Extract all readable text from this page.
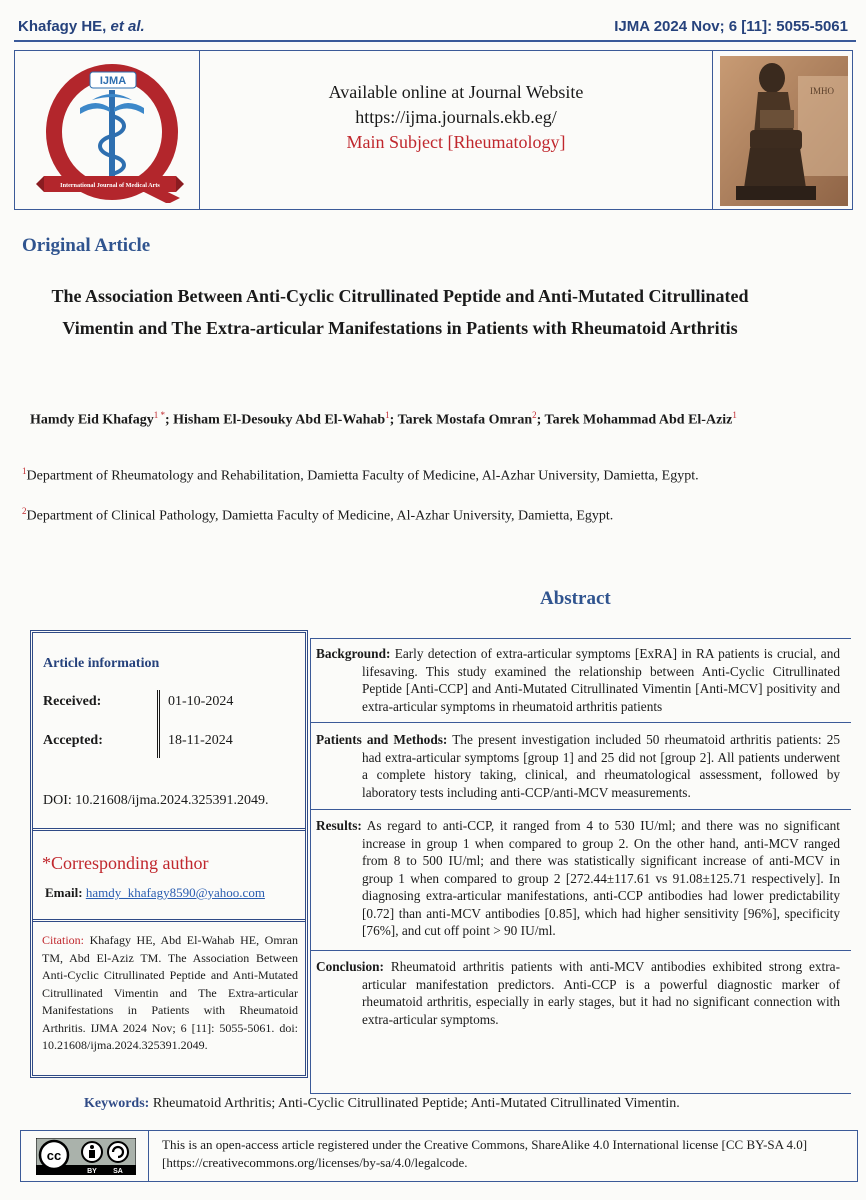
Khafagy HE, et al.	IJMA 2024 Nov; 6 [11]: 5055-5061
IJMA
International Journal of Medical Arts
Available online at Journal Website
https://ijma.journals.ekb.eg/
Main Subject [Rheumatology]
IMHO
Original Article
The Association Between Anti-Cyclic Citrullinated Peptide and Anti-Mutated Citrullinated
Vimentin and The Extra-articular Manifestations in Patients with Rheumatoid Arthritis
Hamdy Eid Khafagy$^{1 *}$; Hisham El-Desouky Abd El-Wahab$^1$; Tarek Mostafa Omran$^2$; Tarek Mohammad Abd El-Aziz$^1$
$^1$Department of Rheumatology and Rehabilitation, Damietta Faculty of Medicine, Al-Azhar University, Damietta, Egypt.
$^2$Department of Clinical Pathology, Damietta Faculty of Medicine, Al-Azhar University, Damietta, Egypt.
Abstract
Article information
Received:	01-10-2024
Accepted:	18-11-2024
DOI: 10.21608/ijma.2024.325391.2049.
*Corresponding author
Email: hamdy_khafagy8590@yahoo.com
Citation: Khafagy HE, Abd El-Wahab HE, Omran TM, Abd El-Aziz TM. The Association Between Anti-Cyclic Citrullinated Peptide and Anti-Mutated Citrullinated Vimentin and The Extra-articular Manifestations in Patients with Rheumatoid Arthritis. IJMA 2024 Nov; 6 [11]: 5055-5061. doi: 10.21608/ijma.2024.325391.2049.
Background: Early detection of extra-articular symptoms [ExRA] in RA patients is crucial, and lifesaving. This study examined the relationship between Anti-Cyclic Citrullinated Peptide [Anti-CCP] and Anti-Mutated Citrullinated Vimentin [Anti-MCV] positivity and extra-articular symptoms in rheumatoid arthritis patients
Patients and Methods: The present investigation included 50 rheumatoid arthritis patients: 25 had extra-articular symptoms [group 1] and 25 did not [group 2]. All patients underwent a complete history taking, clinical, and rheumatological assessment, followed by laboratory tests including anti-CCP/anti-MCV measurements.
Results: As regard to anti-CCP, it ranged from 4 to 530 IU/ml; and there was no significant increase in group 1 when compared to group 2. On the other hand, anti-MCV ranged from 8 to 500 IU/ml; and there was statistically significant increase of anti-MCV in group 1 when compared to group 2 [272.44±117.61 vs 91.08±125.71 respectively]. In diagnosing extra-articular manifestations, anti-CCP antibodies had lower predictability [0.72] than anti-MCV antibodies [0.85], which had higher sensitivity [96%], specificity [76%], and cut off point > 90 IU/ml.
Conclusion: Rheumatoid arthritis patients with anti-MCV antibodies exhibited strong extra-articular manifestation predictors. Anti-CCP is a powerful diagnostic marker of rheumatoid arthritis, especially in early stages, but it had no significant connection with extra-articular symptoms.
Keywords: Rheumatoid Arthritis; Anti-Cyclic Citrullinated Peptide; Anti-Mutated Citrullinated Vimentin.
cc
BY SA
This is an open-access article registered under the Creative Commons, ShareAlike 4.0 International license [CC BY-SA 4.0] [https://creativecommons.org/licenses/by-sa/4.0/legalcode.
